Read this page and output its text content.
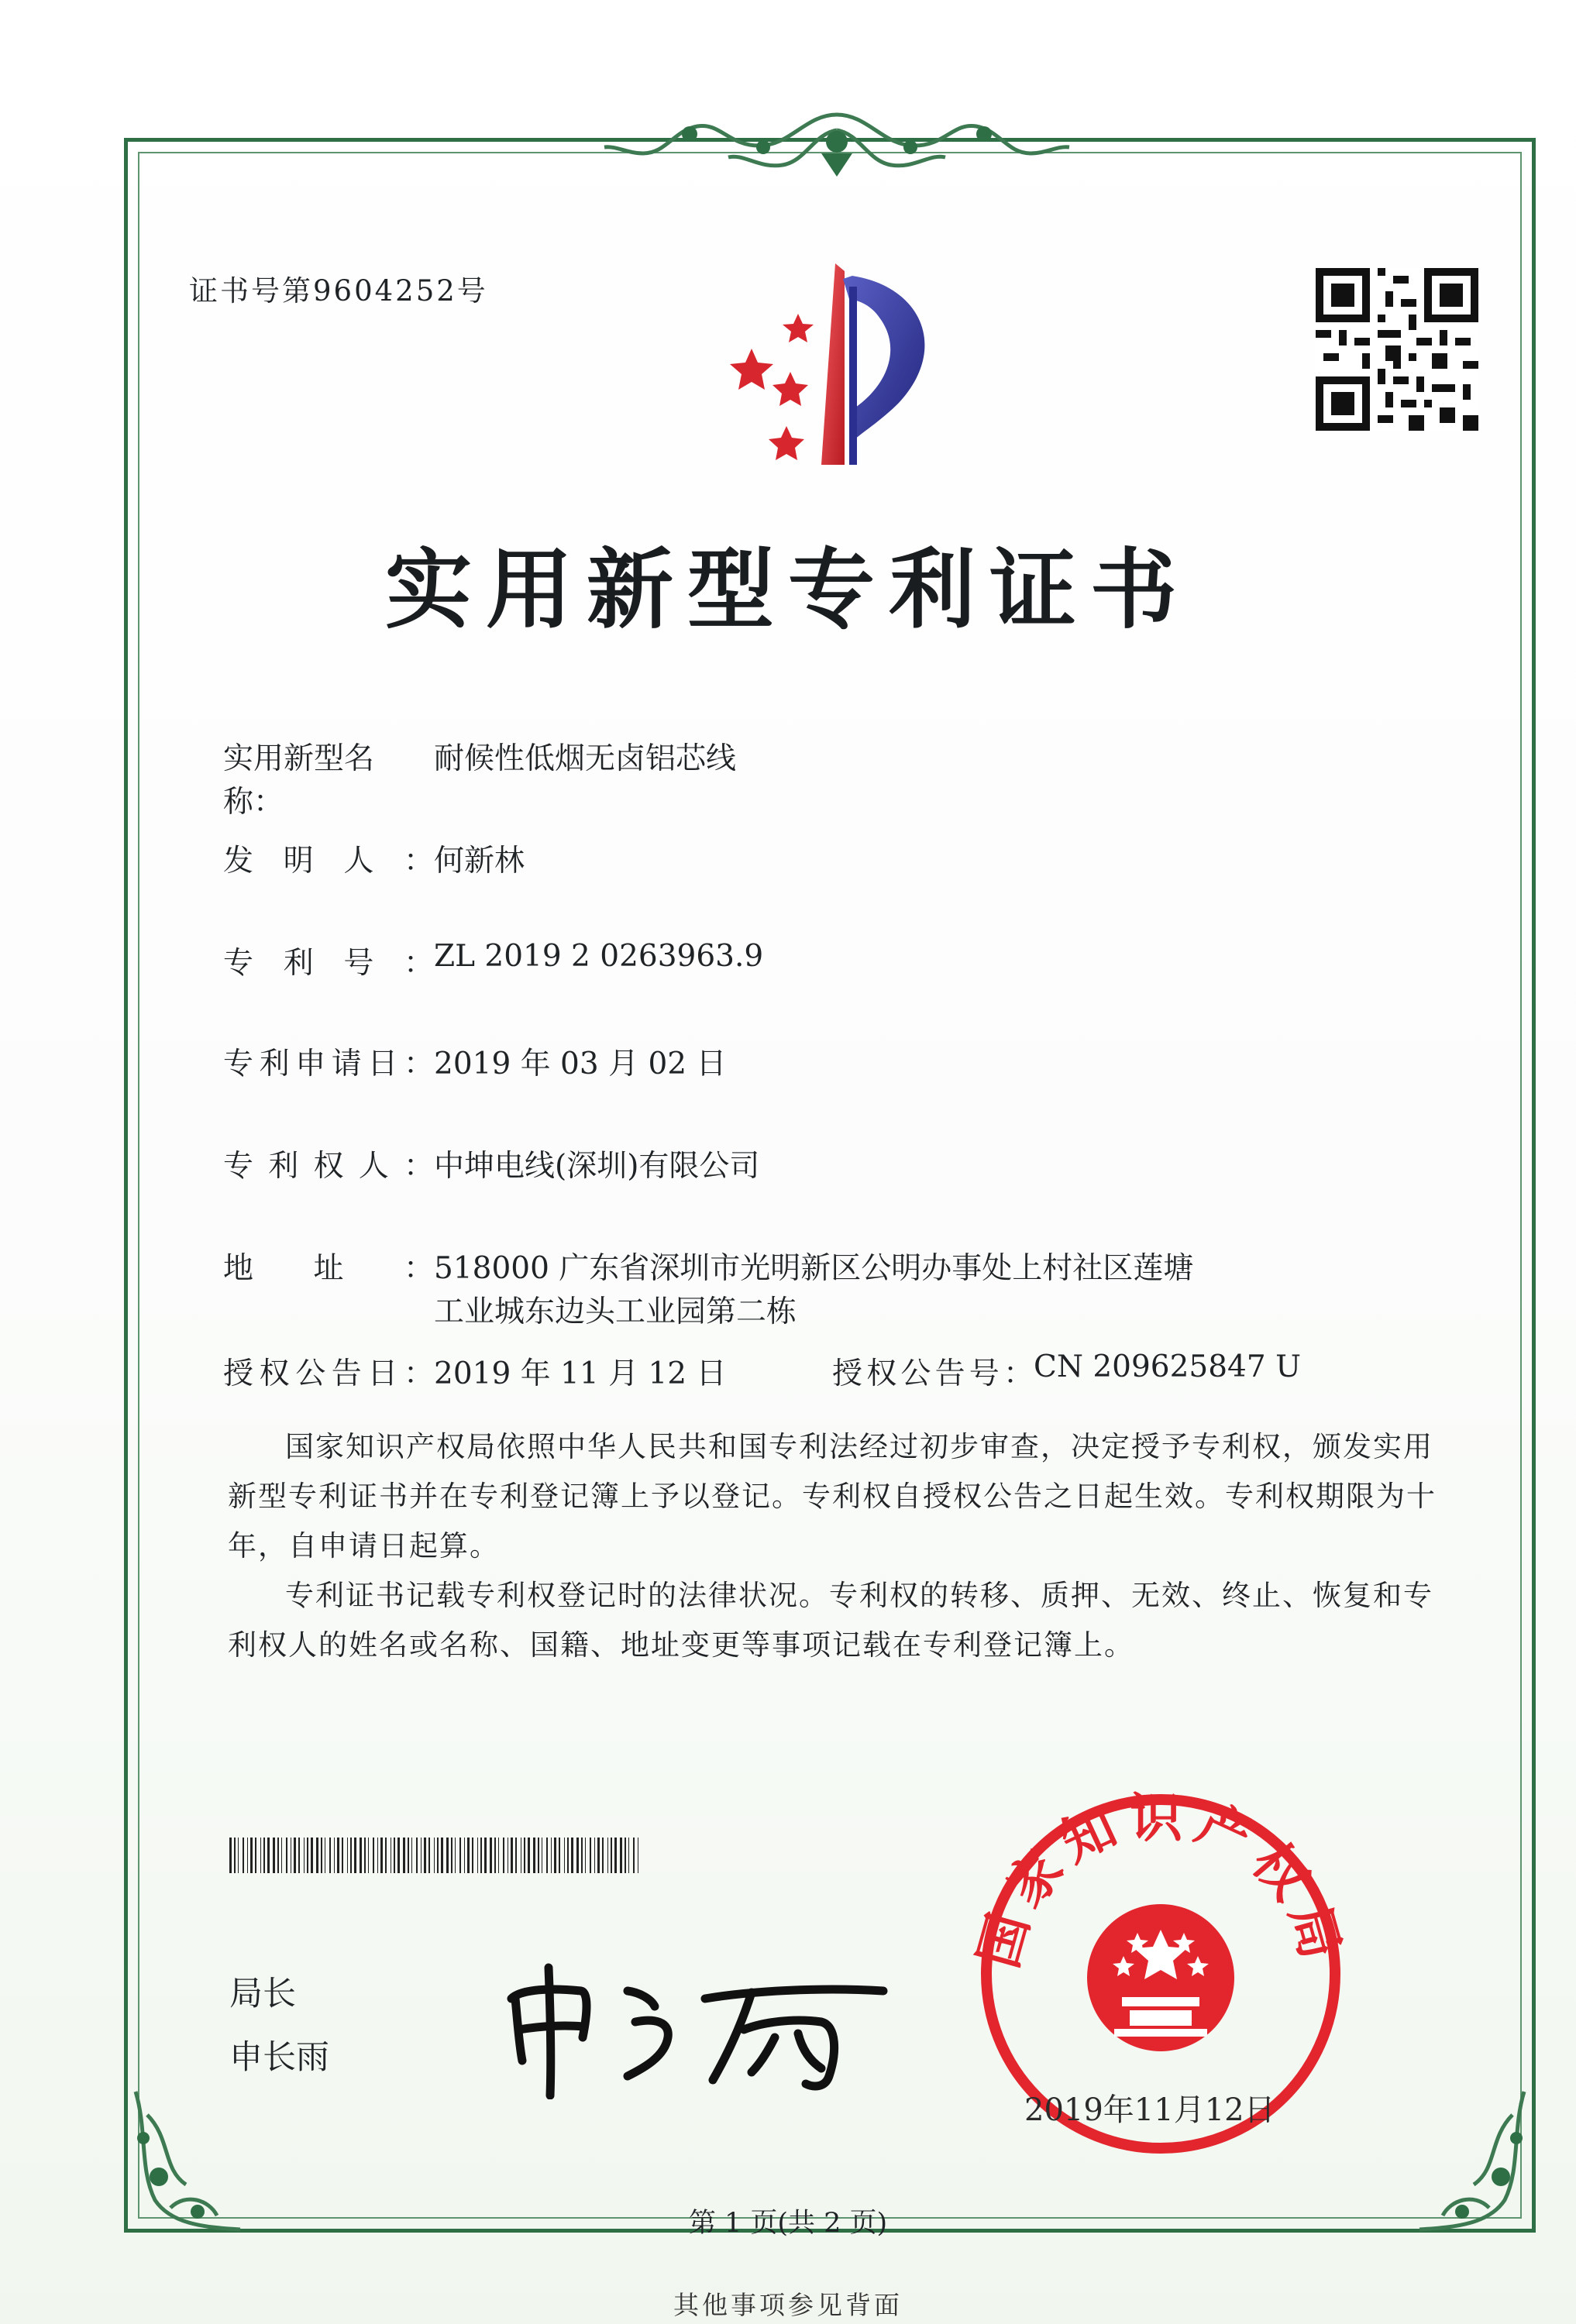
证书号第9604252号
实用新型专利证书
实用新型名称：耐候性低烟无卤铝芯线
发明人：何新林
专利号：ZL 2019 2 0263963.9
专利申请日：2019 年 03 月 02 日
专利权人：中坤电线(深圳)有限公司
地址：518000 广东省深圳市光明新区公明办事处上村社区莲塘
工业城东边头工业园第二栋
授权公告日：2019 年 11 月 12 日	授权公告号：CN 209625847 U
国家知识产权局依照中华人民共和国专利法经过初步审查，决定授予专利权，颁发实用新型专利证书并在专利登记簿上予以登记。专利权自授权公告之日起生效。专利权期限为十年，自申请日起算。
专利证书记载专利权登记时的法律状况。专利权的转移、质押、无效、终止、恢复和专利权人的姓名或名称、国籍、地址变更等事项记载在专利登记簿上。
局长
申长雨
国家知识产权局
2019年11月12日
第 1 页(共 2 页)
其他事项参见背面
